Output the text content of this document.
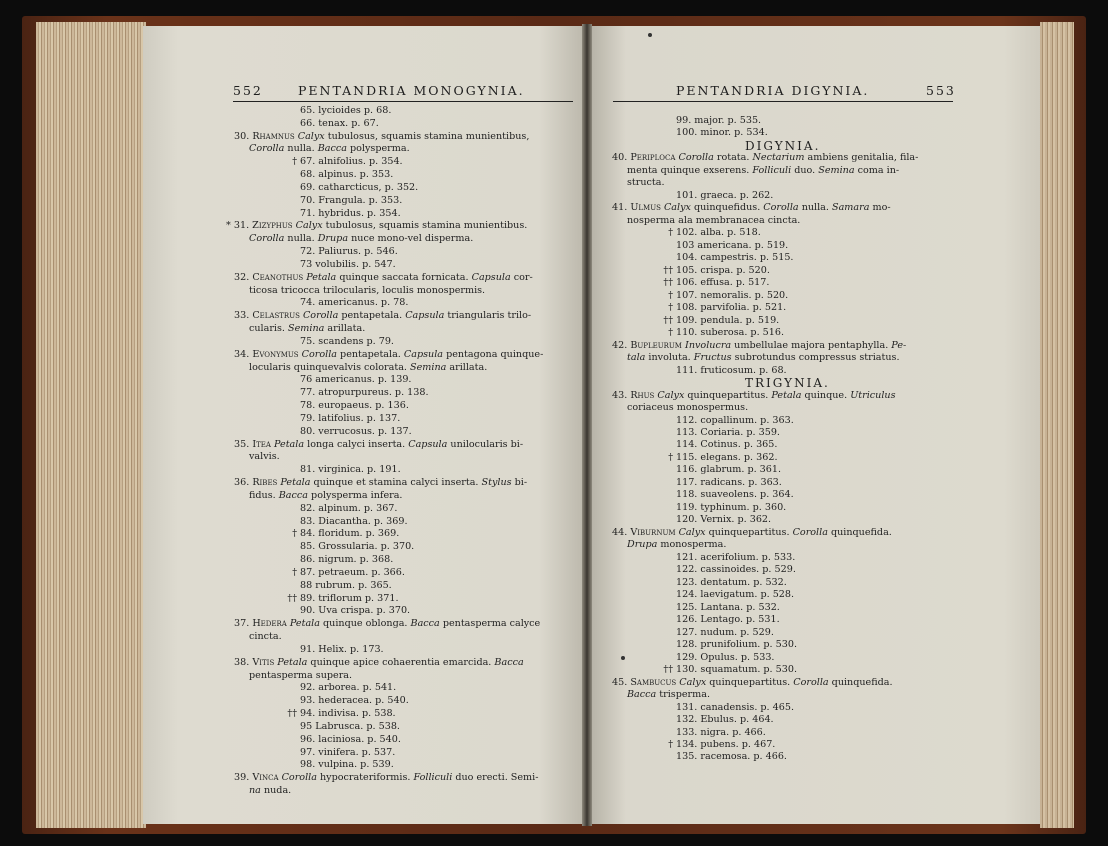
552	PENTANDRIA MONOGYNIA.	PENTANDRIA DIGYNIA.	553
65. lycioides p. 68.
66. tenax. p. 67.
30. Rhamnus Calyx tubulosus, squamis stamina munientibus,
Corolla nulla. Bacca polysperma.
† 67. alnifolius. p. 354.
68. alpinus. p. 353.
69. catharcticus, p. 352.
70. Frangula. p. 353.
71. hybridus. p. 354.
* 31. Zizyphus Calyx tubulosus, squamis stamina munientibus.
Corolla nulla. Drupa nuce mono-vel disperma.
72. Paliurus. p. 546.
73 volubilis. p. 547.
32. Ceanothus Petala quinque saccata fornicata. Capsula cor-
ticosa tricocca trilocularis, loculis monospermis.
74. americanus. p. 78.
33. Celastrus Corolla pentapetala. Capsula triangularis trilo-
cularis. Semina arillata.
75. scandens p. 79.
34. Evonymus Corolla pentapetala. Capsula pentagona quinque-
locularis quinquevalvis colorata. Semina arillata.
76 americanus. p. 139.
77. atropurpureus. p. 138.
78. europaeus. p. 136.
79. latifolius. p. 137.
80. verrucosus. p. 137.
35. Itea Petala longa calyci inserta. Capsula unilocularis bi-
valvis.
81. virginica. p. 191.
36. Ribes Petala quinque et stamina calyci inserta. Stylus bi-
fidus. Bacca polysperma infera.
82. alpinum. p. 367.
83. Diacantha. p. 369.
† 84. floridum. p. 369.
85. Grossularia. p. 370.
86. nigrum. p. 368.
† 87. petraeum. p. 366.
88 rubrum. p. 365.
†† 89. triflorum p. 371.
90. Uva crispa. p. 370.
37. Hedera Petala quinque oblonga. Bacca pentasperma calyce
cincta.
91. Helix. p. 173.
38. Vitis Petala quinque apice cohaerentia emarcida. Bacca
pentasperma supera.
92. arborea. p. 541.
93. hederacea. p. 540.
†† 94. indivisa. p. 538.
95 Labrusca. p. 538.
96. laciniosa. p. 540.
97. vinifera. p. 537.
98. vulpina. p. 539.
39. Vinca Corolla hypocrateriformis. Folliculi duo erecti. Semi-
na nuda.
99. major. p. 535.
100. minor. p. 534.
DIGYNIA.
40. Periploca Corolla rotata. Nectarium ambiens genitalia, fila-
menta quinque exserens. Folliculi duo. Semina coma in-
structa.
101. graeca. p. 262.
41. Ulmus Calyx quinquefidus. Corolla nulla. Samara mo-
nosperma ala membranacea cincta.
† 102. alba. p. 518.
103 americana. p. 519.
104. campestris. p. 515.
†† 105. crispa. p. 520.
†† 106. effusa. p. 517.
† 107. nemoralis. p. 520.
† 108. parvifolia. p. 521.
†† 109. pendula. p. 519.
† 110. suberosa. p. 516.
42. Bupleurum Involucra umbellulae majora pentaphylla. Pe-
tala involuta. Fructus subrotundus compressus striatus.
111. fruticosum. p. 68.
TRIGYNIA.
43. Rhus Calyx quinquepartitus. Petala quinque. Utriculus
coriaceus monospermus.
112. copallinum. p. 363.
113. Coriaria. p. 359.
114. Cotinus. p. 365.
† 115. elegans. p. 362.
116. glabrum. p. 361.
117. radicans. p. 363.
118. suaveolens. p. 364.
119. typhinum. p. 360.
120. Vernix. p. 362.
44. Viburnum Calyx quinquepartitus. Corolla quinquefida.
Drupa monosperma.
121. acerifolium. p. 533.
122. cassinoides. p. 529.
123. dentatum. p. 532.
124. laevigatum. p. 528.
125. Lantana. p. 532.
126. Lentago. p. 531.
127. nudum. p. 529.
128. prunifolium. p. 530.
129. Opulus. p. 533.
†† 130. squamatum. p. 530.
45. Sambucus Calyx quinquepartitus. Corolla quinquefida.
Bacca trisperma.
131. canadensis. p. 465.
132. Ebulus. p. 464.
133. nigra. p. 466.
† 134. pubens. p. 467.
135. racemosa. p. 466.
